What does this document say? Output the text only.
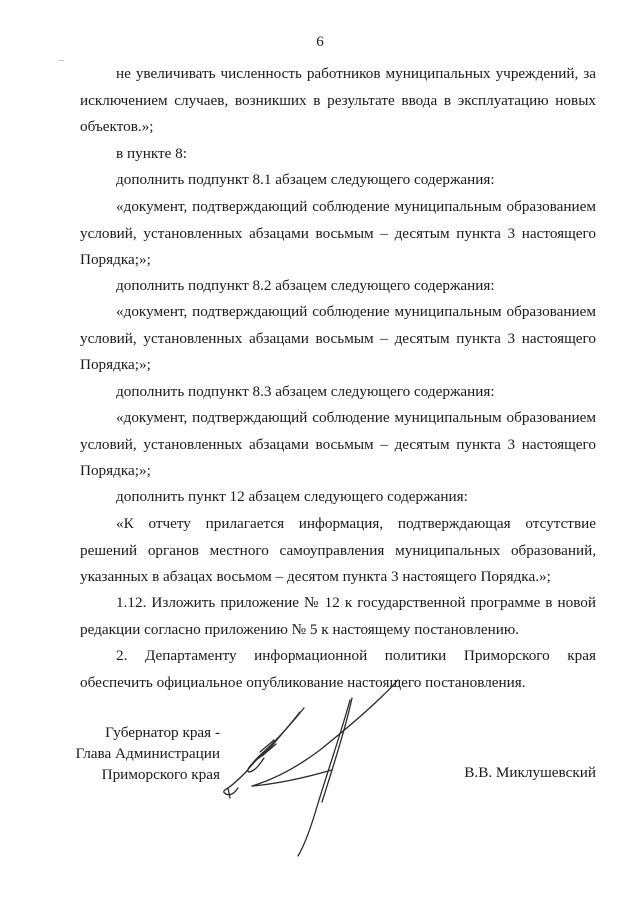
6
не увеличивать численность работников муниципальных учреждений, за
исключением случаев, возникших в результате ввода в эксплуатацию новых
объектов.»;
в пункте 8:
дополнить подпункт 8.1 абзацем следующего содержания:
«документ, подтверждающий соблюдение муниципальным образованием
условий, установленных абзацами восьмым – десятым пункта 3 настоящего
Порядка;»;
дополнить подпункт 8.2 абзацем следующего содержания:
«документ, подтверждающий соблюдение муниципальным образованием
условий, установленных абзацами восьмым – десятым пункта 3 настоящего
Порядка;»;
дополнить подпункт 8.3 абзацем следующего содержания:
«документ, подтверждающий соблюдение муниципальным образованием
условий, установленных абзацами восьмым – десятым пункта 3 настоящего
Порядка;»;
дополнить пункт 12 абзацем следующего содержания:
«К отчету прилагается информация, подтверждающая отсутствие
решений органов местного самоуправления муниципальных образований,
указанных в абзацах восьмом – десятом пункта 3 настоящего Порядка.»;
1.12. Изложить приложение № 12 к государственной программе в новой
редакции согласно приложению № 5 к настоящему постановлению.
2. Департаменту информационной политики Приморского края
обеспечить официальное опубликование настоящего постановления.
Губернатор края -
Глава Администрации
Приморского края	В.В. Миклушевский
